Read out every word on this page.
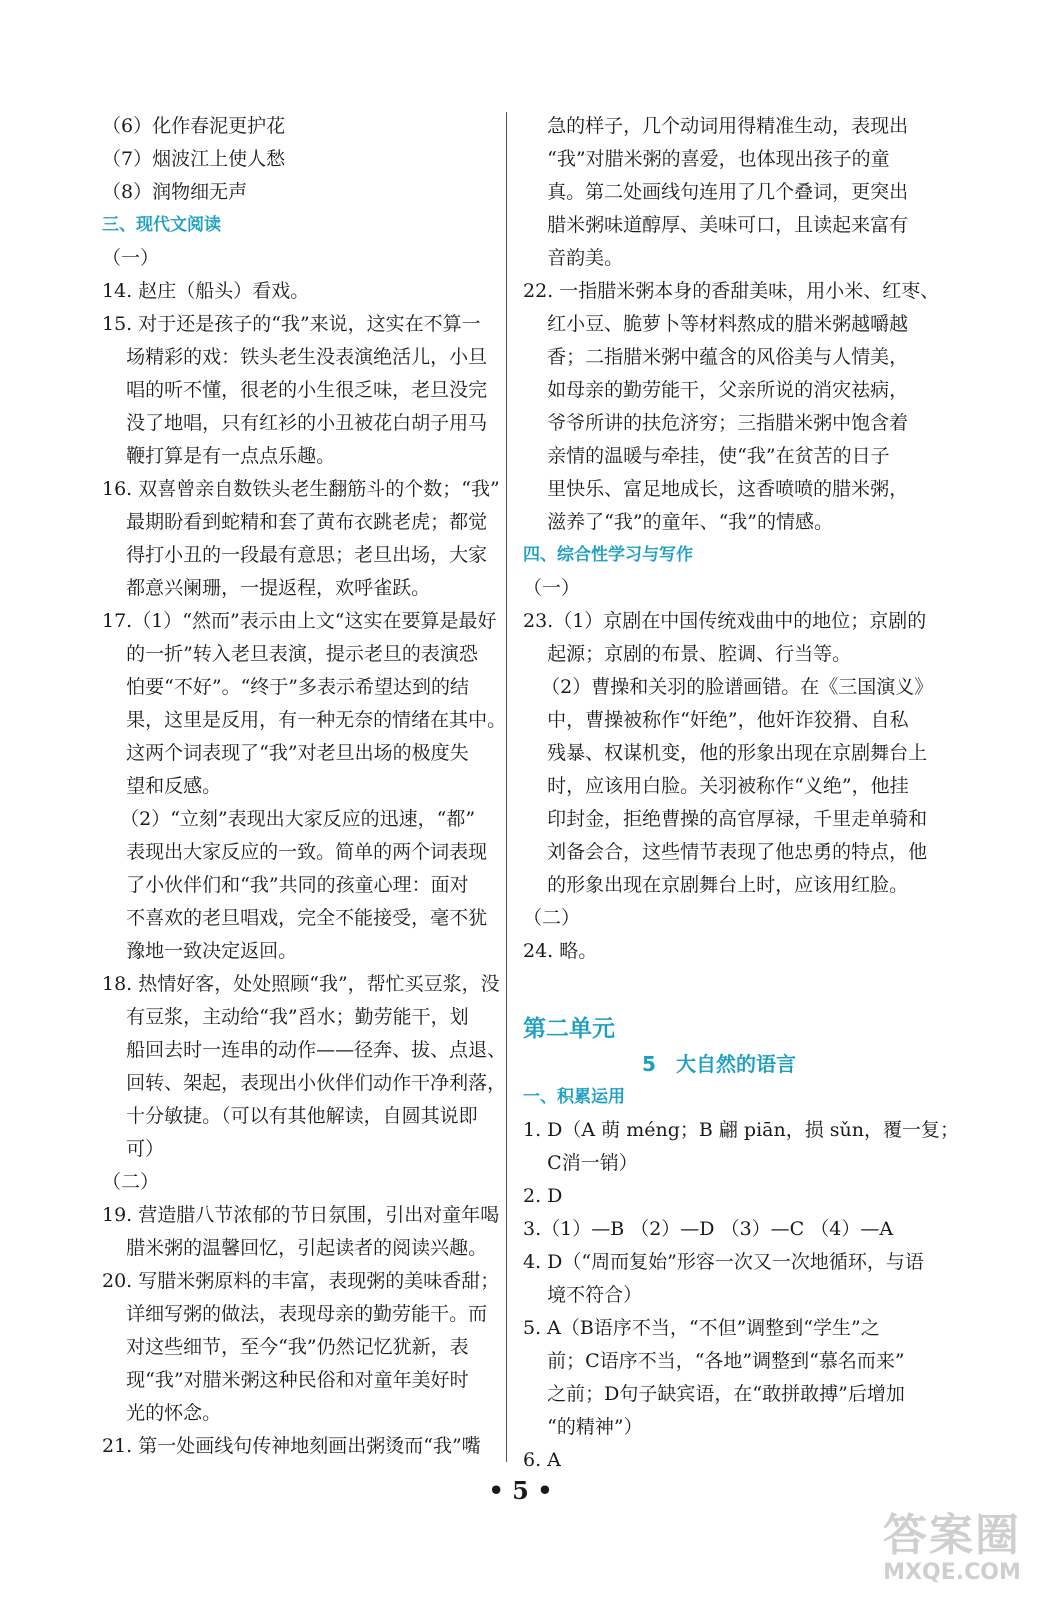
（6）化作春泥更护花
（7）烟波江上使人愁
（8）润物细无声
三、现代文阅读
（一）
14. 赵庄（船头）看戏。
15. 对于还是孩子的“我”来说，这实在不算一
场精彩的戏：铁头老生没表演绝活儿，小旦
唱的听不懂，很老的小生很乏味，老旦没完
没了地唱，只有红衫的小丑被花白胡子用马
鞭打算是有一点点乐趣。
16. 双喜曾亲自数铁头老生翻筋斗的个数；“我”
最期盼看到蛇精和套了黄布衣跳老虎；都觉
得打小丑的一段最有意思；老旦出场，大家
都意兴阑珊，一提返程，欢呼雀跃。
17.（1）“然而”表示由上文“这实在要算是最好
的一折”转入老旦表演，提示老旦的表演恐
怕要“不好”。“终于”多表示希望达到的结
果，这里是反用，有一种无奈的情绪在其中。
这两个词表现了“我”对老旦出场的极度失
望和反感。
（2）“立刻”表现出大家反应的迅速，“都”
表现出大家反应的一致。简单的两个词表现
了小伙伴们和“我”共同的孩童心理：面对
不喜欢的老旦唱戏，完全不能接受，毫不犹
豫地一致决定返回。
18. 热情好客，处处照顾“我”，帮忙买豆浆，没
有豆浆，主动给“我”舀水；勤劳能干，划
船回去时一连串的动作——径奔、拔、点退、
回转、架起，表现出小伙伴们动作干净利落，
十分敏捷。（可以有其他解读，自圆其说即
可）
（二）
19. 营造腊八节浓郁的节日氛围，引出对童年喝
腊米粥的温馨回忆，引起读者的阅读兴趣。
20. 写腊米粥原料的丰富，表现粥的美味香甜；
详细写粥的做法，表现母亲的勤劳能干。而
对这些细节，至今“我”仍然记忆犹新，表
现“我”对腊米粥这种民俗和对童年美好时
光的怀念。
21. 第一处画线句传神地刻画出粥烫而“我”嘴
急的样子，几个动词用得精准生动，表现出
“我”对腊米粥的喜爱，也体现出孩子的童
真。第二处画线句连用了几个叠词，更突出
腊米粥味道醇厚、美味可口，且读起来富有
音韵美。
22. 一指腊米粥本身的香甜美味，用小米、红枣、
红小豆、脆萝卜等材料熬成的腊米粥越嚼越
香；二指腊米粥中蕴含的风俗美与人情美，
如母亲的勤劳能干，父亲所说的消灾祛病，
爷爷所讲的扶危济穷；三指腊米粥中饱含着
亲情的温暖与牵挂，使“我”在贫苦的日子
里快乐、富足地成长，这香喷喷的腊米粥，
滋养了“我”的童年、“我”的情感。
四、综合性学习与写作
（一）
23.（1）京剧在中国传统戏曲中的地位；京剧的
起源；京剧的布景、腔调、行当等。
（2）曹操和关羽的脸谱画错。在《三国演义》
中，曹操被称作“奸绝”，他奸诈狡猾、自私
残暴、权谋机变，他的形象出现在京剧舞台上
时，应该用白脸。关羽被称作“义绝”，他挂
印封金，拒绝曹操的高官厚禄，千里走单骑和
刘备会合，这些情节表现了他忠勇的特点，他
的形象出现在京剧舞台上时，应该用红脸。
（二）
24. 略。
第二单元
5　大自然的语言
一、积累运用
1. D（A 萌 méng；B 翩 piān，损 sǔn，覆一复；
C消一销）
2. D
3.（1）—B （2）—D （3）—C （4）—A
4. D（“周而复始”形容一次又一次地循环，与语
境不符合）
5. A（B语序不当，“不但”调整到“学生”之
前；C语序不当，“各地”调整到“慕名而来”
之前；D句子缺宾语，在“敢拼敢搏”后增加
“的精神”）
6. A
• 5 •
答案圈
MXQE.COM
